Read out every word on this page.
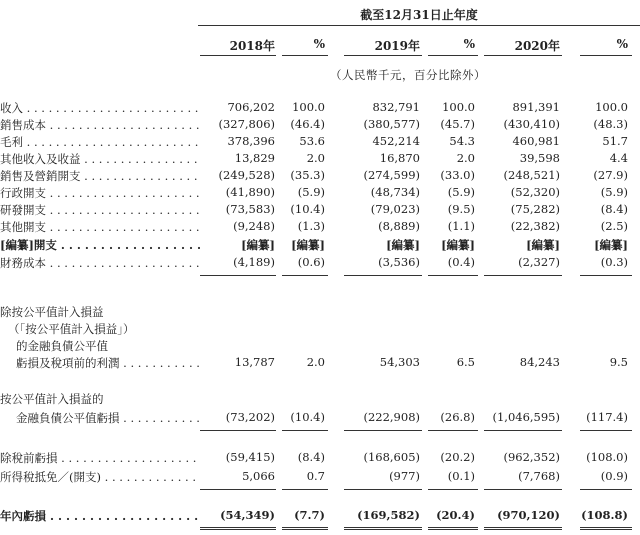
截至12月31日止年度
2018年	%	2019年	%	2020年	%
（人民幣千元，百分比除外）
收入 . . .	706,202 100.0	832,791 100.0	891,391	100.0
銷售成本 . . .	(327,806) (46.4)	(380,577) (45.7) (430,410)	(48.3)
毛利 . . .	378,396 53.6	452,214	54.3	460,981	51.7
其他收入及收益 . . .	13,829	2.0	16,870	2.0	39,598	4.4
銷售及營銷開支 . . .	(249,528) (35.3)	(274,599) (33.0) (248,521)	(27.9)
行政開支 . . .	(41,890) (5.9)	(48,734) (5.9)	(52,320)	(5.9)
研發開支 . . .	(73,583) (10.4)	(79,023) (9.5)	(75,282)	(8.4)
其他開支 . . .	(9,248) (1.3)	(8,889) (1.1)	(22,382)	(2.5)
[編纂]開支 . . .	[編纂] [編纂]	[編纂] [編纂]	[編纂]	[編纂]
財務成本 . . .	(4,189) (0.6)	(3,536) (0.4)	(2,327)	(0.3)
除按公平值計入損益
（「按公平值計入損益」）
的金融負債公平值
虧損及稅項前的利潤 . . .	13,787	2.0	54,303	6.5	84,243	9.5
按公平值計入損益的
金融負債公平值虧損 . . .	(73,202) (10.4)	(222,908) (26.8) (1,046,595) (117.4)
除稅前虧損 . . .	(59,415) (8.4)	(168,605) (20.2) (962,352) (108.0)
所得稅抵免／(開支) . . .	5,066	0.7	(977) (0.1)	(7,768)	(0.9)
年內虧損 . . .	(54,349) (7.7)	(169,582) (20.4) (970,120) (108.8)
